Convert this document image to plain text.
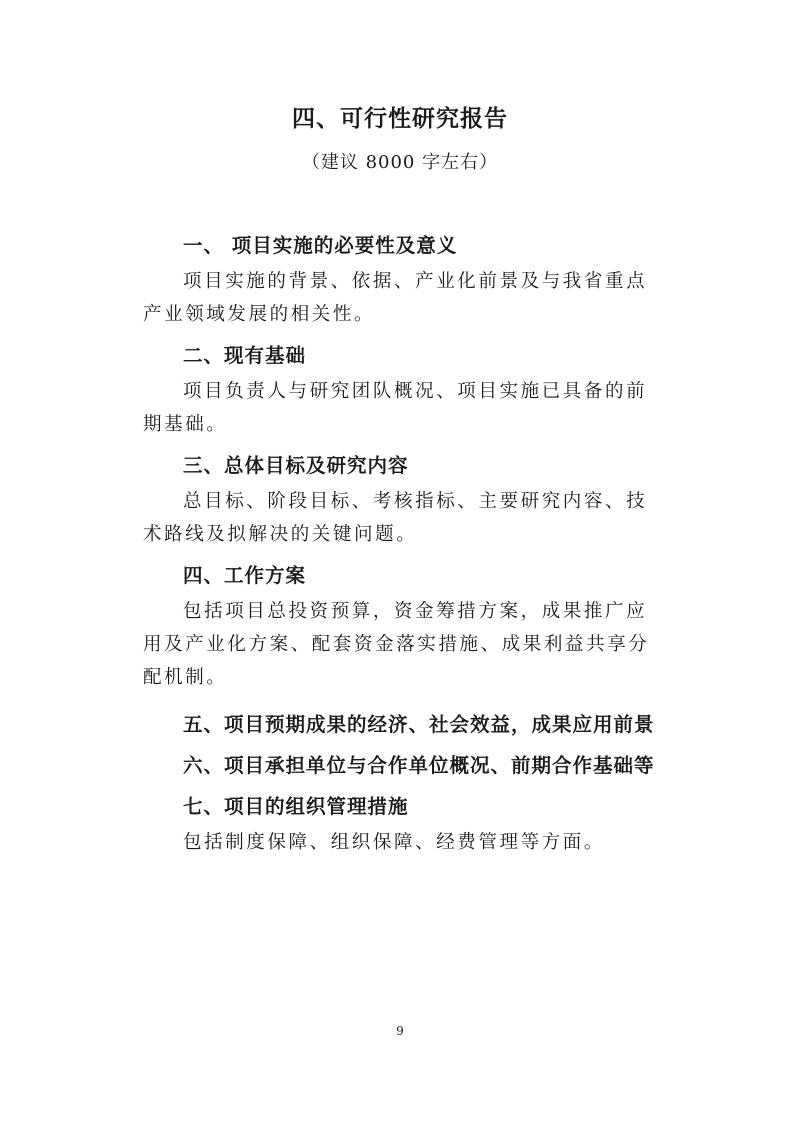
四、可行性研究报告
（建议 8000 字左右）
一、 项目实施的必要性及意义
项目实施的背景、依据、产业化前景及与我省重点产业领域发展的相关性。
二、现有基础
项目负责人与研究团队概况、项目实施已具备的前期基础。
三、总体目标及研究内容
总目标、阶段目标、考核指标、主要研究内容、技术路线及拟解决的关键问题。
四、工作方案
包括项目总投资预算，资金筹措方案，成果推广应用及产业化方案、配套资金落实措施、成果利益共享分配机制。
五、项目预期成果的经济、社会效益，成果应用前景
六、项目承担单位与合作单位概况、前期合作基础等
七、项目的组织管理措施
包括制度保障、组织保障、经费管理等方面。
9
